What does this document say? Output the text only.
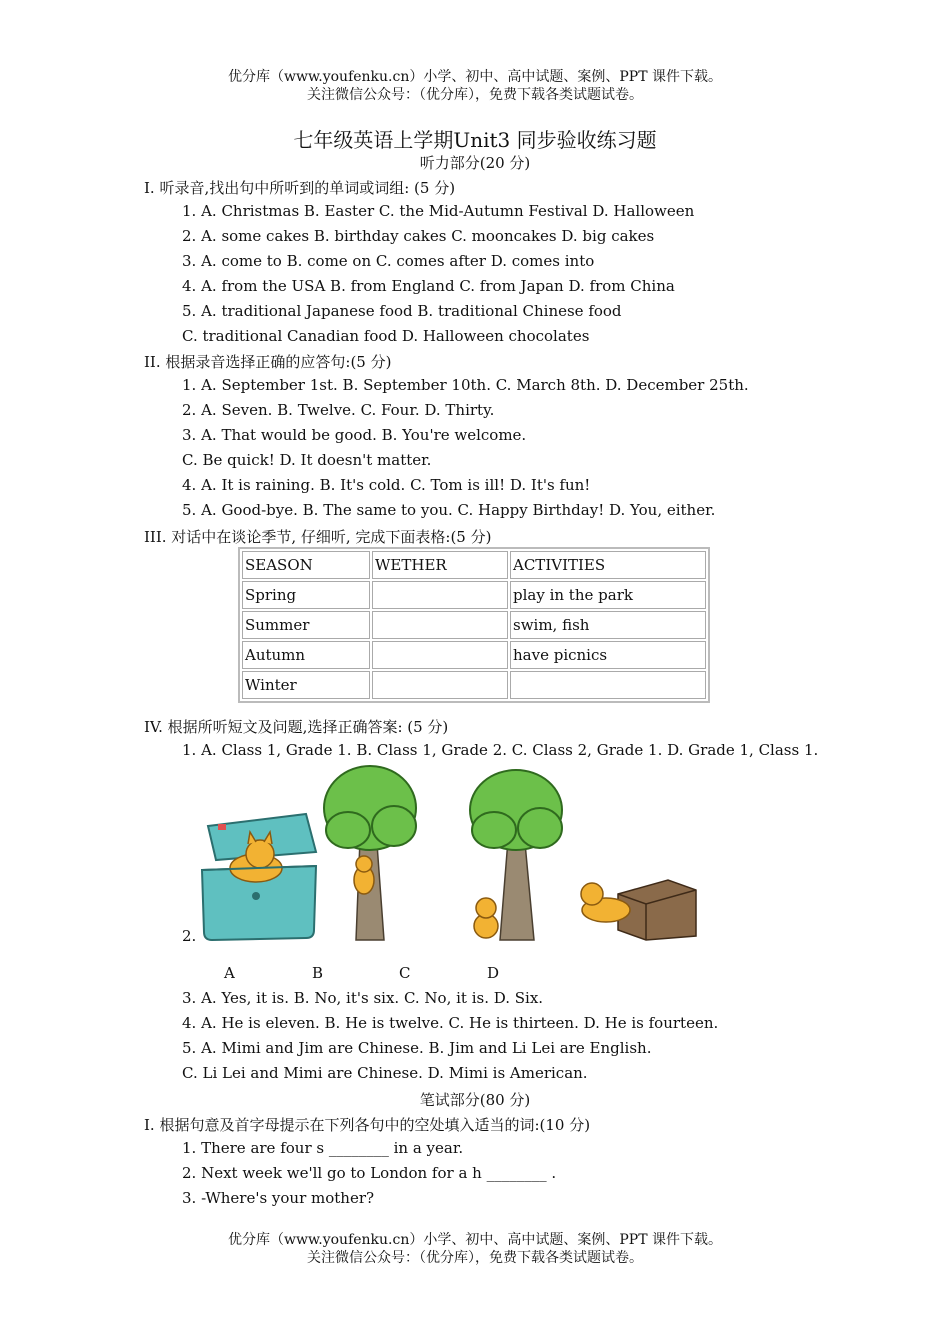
优分库（www.youfenku.cn）小学、初中、高中试题、案例、PPT 课件下载。
关注微信公众号：（优分库），免费下载各类试题试卷。
七年级英语上学期Unit3 同步验收练习题
听力部分(20 分)
I. 听录音,找出句中所听到的单词或词组: (5 分)
1. A. Christmas B. Easter C. the Mid-Autumn Festival D. Halloween
2. A. some cakes B. birthday cakes C. mooncakes D. big cakes
3. A. come to B. come on C. comes after D. comes into
4. A. from the USA B. from England C. from Japan D. from China
5. A. traditional Japanese food B. traditional Chinese food
C. traditional Canadian food D. Halloween chocolates
II. 根据录音选择正确的应答句:(5 分)
1. A. September 1st. B. September 10th. C. March 8th. D. December 25th.
2. A. Seven. B. Twelve. C. Four. D. Thirty.
3. A. That would be good. B. You're welcome.
C. Be quick! D. It doesn't matter.
4. A. It is raining. B. It's cold. C. Tom is ill! D. It's fun!
5. A. Good-bye. B. The same to you. C. Happy Birthday! D. You, either.
III. 对话中在谈论季节, 仔细听, 完成下面表格:(5 分)
SEASON	WETHER	ACTIVITIES
Spring		play in the park
Summer		swim, fish
Autumn		have picnics
Winter		
IV. 根据所听短文及问题,选择正确答案: (5 分)
1. A. Class 1, Grade 1. B. Class 1, Grade 2. C. Class 2, Grade 1. D. Grade 1, Class 1.
2.
A	B	C	D
3. A. Yes, it is. B. No, it's six. C. No, it is. D. Six.
4. A. He is eleven. B. He is twelve. C. He is thirteen. D. He is fourteen.
5. A. Mimi and Jim are Chinese. B. Jim and Li Lei are English.
C. Li Lei and Mimi are Chinese. D. Mimi is American.
笔试部分(80 分)
I. 根据句意及首字母提示在下列各句中的空处填入适当的词:(10 分)
1. There are four s ________ in a year.
2. Next week we'll go to London for a h ________ .
3. -Where's your mother?
优分库（www.youfenku.cn）小学、初中、高中试题、案例、PPT 课件下载。
关注微信公众号：（优分库），免费下载各类试题试卷。
